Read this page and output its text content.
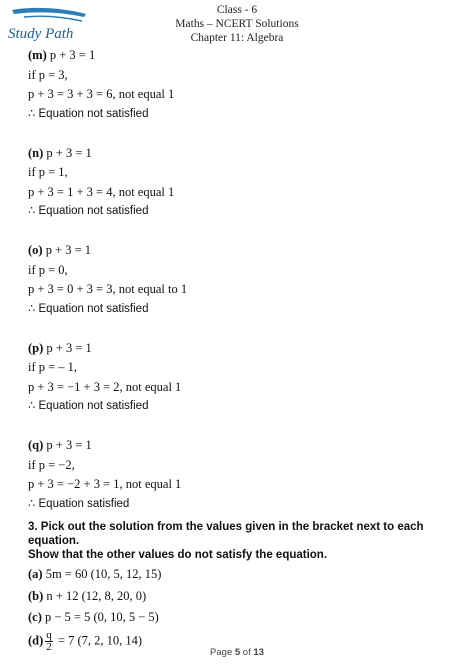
Study Path
Class - 6
Maths – NCERT Solutions
Chapter 11: Algebra
(m) p + 3 = 1
if p = 3,
p + 3 = 3 + 3 = 6, not equal 1
∴ Equation not satisfied
(n) p + 3 = 1
if p = 1,
p + 3 = 1 + 3 = 4, not equal 1
∴ Equation not satisfied
(o) p + 3 = 1
if p = 0,
p + 3 = 0 + 3 = 3, not equal to 1
∴ Equation not satisfied
(p) p + 3 = 1
if p = – 1,
p + 3 = −1 + 3 = 2, not equal 1
∴ Equation not satisfied
(q) p + 3 = 1
if p = −2,
p + 3 = −2 + 3 = 1, not equal 1
∴ Equation satisfied
3. Pick out the solution from the values given in the bracket next to each equation.
Show that the other values do not satisfy the equation.
(a) 5m = 60 (10, 5, 12, 15)
(b) n + 12 (12, 8, 20, 0)
(c) p − 5 = 5 (0, 10, 5 − 5)
$(d) \frac{q}{2} = 7$ (7, 2, 10, 14)
Page 5 of 13
